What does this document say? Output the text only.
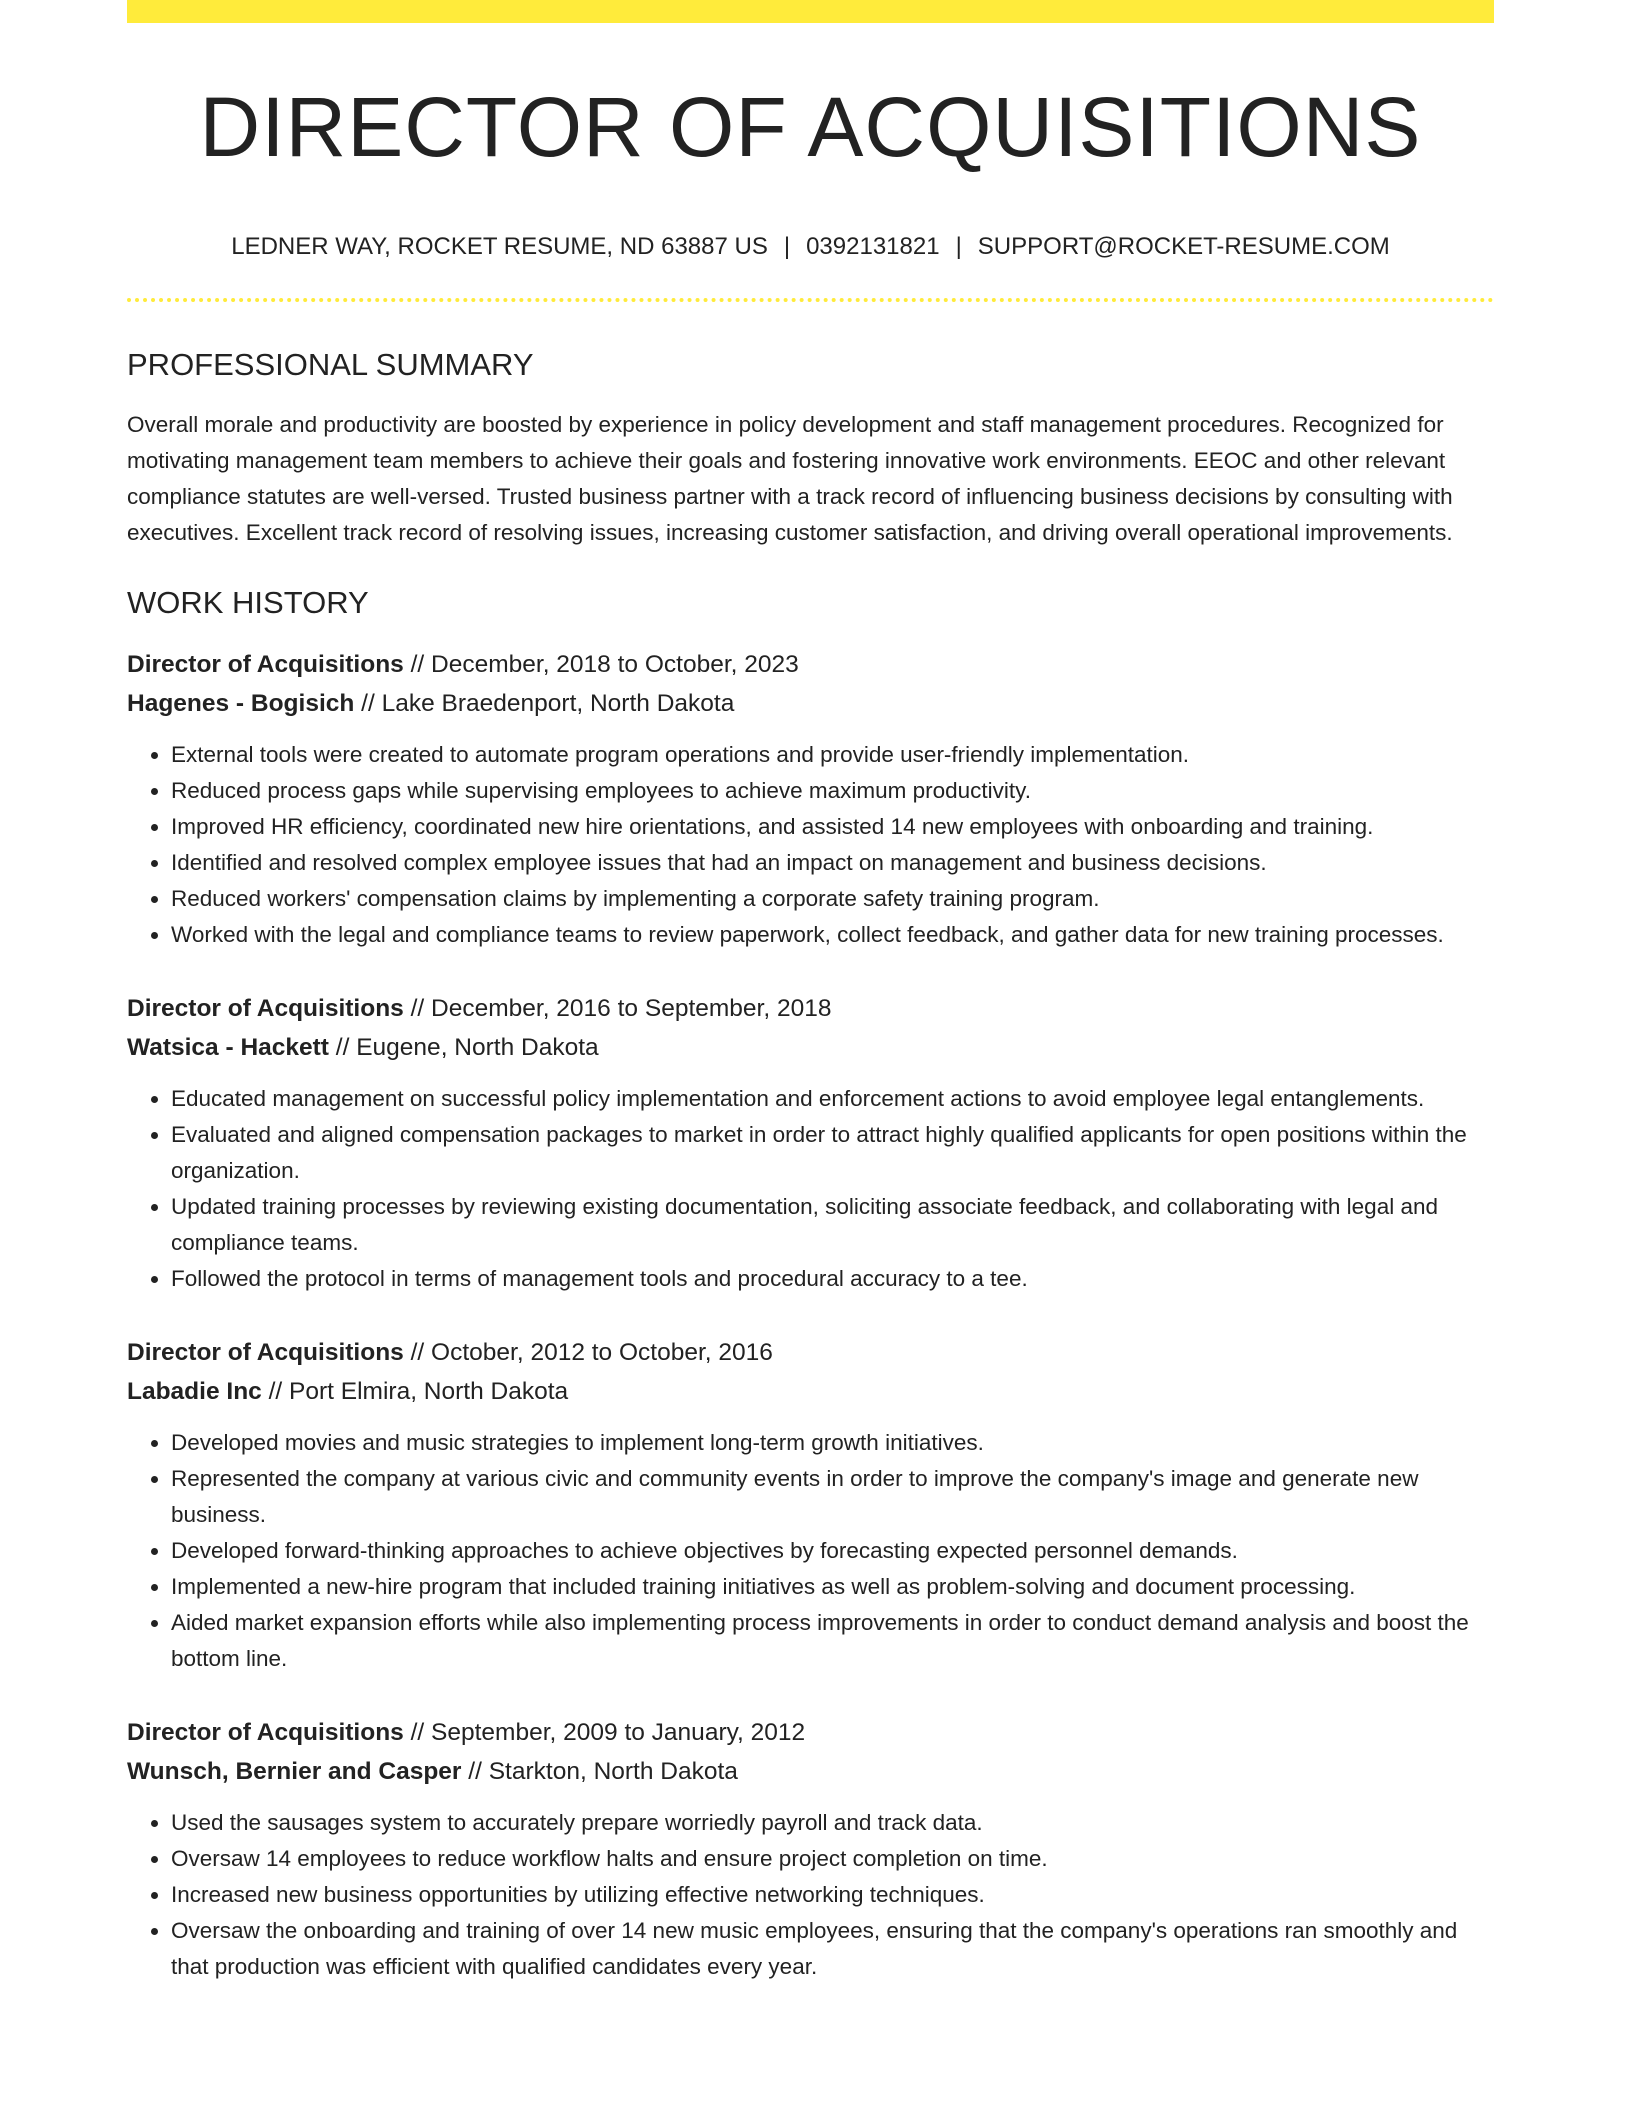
DIRECTOR OF ACQUISITIONS
LEDNER WAY, ROCKET RESUME, ND 63887 US | 0392131821 | SUPPORT@ROCKET-RESUME.COM
PROFESSIONAL SUMMARY
Overall morale and productivity are boosted by experience in policy development and staff management procedures. Recognized for motivating management team members to achieve their goals and fostering innovative work environments. EEOC and other relevant compliance statutes are well-versed. Trusted business partner with a track record of influencing business decisions by consulting with executives. Excellent track record of resolving issues, increasing customer satisfaction, and driving overall operational improvements.
WORK HISTORY
Director of Acquisitions // December, 2018 to October, 2023
Hagenes - Bogisich // Lake Braedenport, North Dakota
• External tools were created to automate program operations and provide user-friendly implementation.
• Reduced process gaps while supervising employees to achieve maximum productivity.
• Improved HR efficiency, coordinated new hire orientations, and assisted 14 new employees with onboarding and training.
• Identified and resolved complex employee issues that had an impact on management and business decisions.
• Reduced workers' compensation claims by implementing a corporate safety training program.
• Worked with the legal and compliance teams to review paperwork, collect feedback, and gather data for new training processes.
Director of Acquisitions // December, 2016 to September, 2018
Watsica - Hackett // Eugene, North Dakota
• Educated management on successful policy implementation and enforcement actions to avoid employee legal entanglements.
• Evaluated and aligned compensation packages to market in order to attract highly qualified applicants for open positions within the organization.
• Updated training processes by reviewing existing documentation, soliciting associate feedback, and collaborating with legal and compliance teams.
• Followed the protocol in terms of management tools and procedural accuracy to a tee.
Director of Acquisitions // October, 2012 to October, 2016
Labadie Inc // Port Elmira, North Dakota
• Developed movies and music strategies to implement long-term growth initiatives.
• Represented the company at various civic and community events in order to improve the company's image and generate new business.
• Developed forward-thinking approaches to achieve objectives by forecasting expected personnel demands.
• Implemented a new-hire program that included training initiatives as well as problem-solving and document processing.
• Aided market expansion efforts while also implementing process improvements in order to conduct demand analysis and boost the bottom line.
Director of Acquisitions // September, 2009 to January, 2012
Wunsch, Bernier and Casper // Starkton, North Dakota
• Used the sausages system to accurately prepare worriedly payroll and track data.
• Oversaw 14 employees to reduce workflow halts and ensure project completion on time.
• Increased new business opportunities by utilizing effective networking techniques.
• Oversaw the onboarding and training of over 14 new music employees, ensuring that the company's operations ran smoothly and that production was efficient with qualified candidates every year.
